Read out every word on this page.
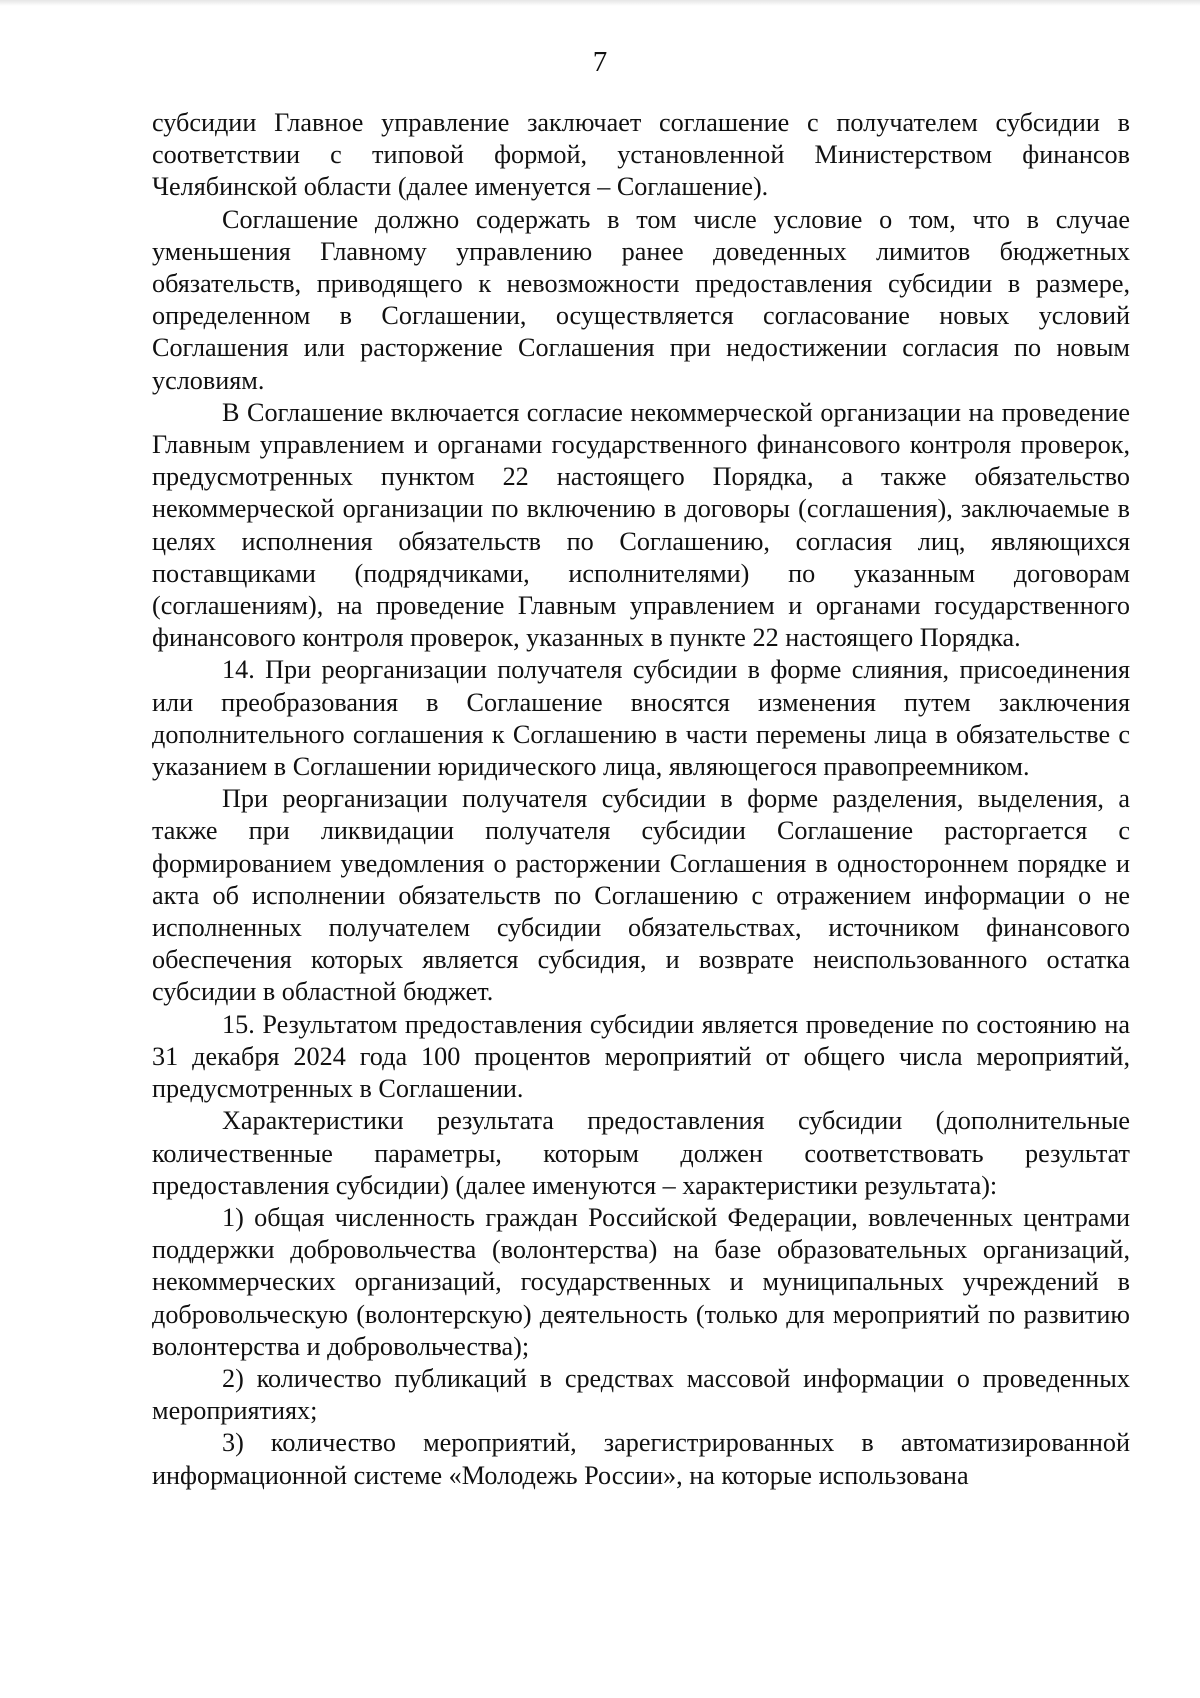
7

субсидии Главное управление заключает соглашение с получателем субсидии в соответствии с типовой формой, установленной Министерством финансов Челябинской области (далее именуется – Соглашение).

Соглашение должно содержать в том числе условие о том, что в случае уменьшения Главному управлению ранее доведенных лимитов бюджетных обязательств, приводящего к невозможности предоставления субсидии в размере, определенном в Соглашении, осуществляется согласование новых условий Соглашения или расторжение Соглашения при недостижении согласия по новым условиям.

В Соглашение включается согласие некоммерческой организации на проведение Главным управлением и органами государственного финансового контроля проверок, предусмотренных пунктом 22 настоящего Порядка, а также обязательство некоммерческой организации по включению в договоры (соглашения), заключаемые в целях исполнения обязательств по Соглашению, согласия лиц, являющихся поставщиками (подрядчиками, исполнителями) по указанным договорам (соглашениям), на проведение Главным управлением и органами государственного финансового контроля проверок, указанных в пункте 22 настоящего Порядка.

14. При реорганизации получателя субсидии в форме слияния, присоединения или преобразования в Соглашение вносятся изменения путем заключения дополнительного соглашения к Соглашению в части перемены лица в обязательстве с указанием в Соглашении юридического лица, являющегося правопреемником.

При реорганизации получателя субсидии в форме разделения, выделения, а также при ликвидации получателя субсидии Соглашение расторгается с формированием уведомления о расторжении Соглашения в одностороннем порядке и акта об исполнении обязательств по Соглашению с отражением информации о не исполненных получателем субсидии обязательствах, источником финансового обеспечения которых является субсидия, и возврате неиспользованного остатка субсидии в областной бюджет.

15. Результатом предоставления субсидии является проведение по состоянию на 31 декабря 2024 года 100 процентов мероприятий от общего числа мероприятий, предусмотренных в Соглашении.

Характеристики результата предоставления субсидии (дополнительные количественные параметры, которым должен соответствовать результат предоставления субсидии) (далее именуются – характеристики результата):

1) общая численность граждан Российской Федерации, вовлеченных центрами поддержки добровольчества (волонтерства) на базе образовательных организаций, некоммерческих организаций, государственных и муниципальных учреждений в добровольческую (волонтерскую) деятельность (только для мероприятий по развитию волонтерства и добровольчества);

2) количество публикаций в средствах массовой информации о проведенных мероприятиях;

3) количество мероприятий, зарегистрированных в автоматизированной информационной системе «Молодежь России», на которые использована
